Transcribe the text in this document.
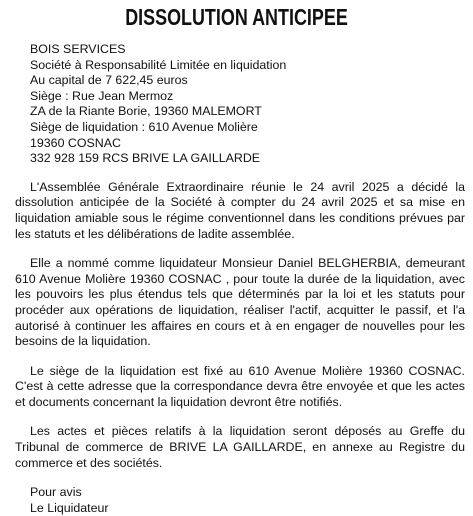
DISSOLUTION ANTICIPEE
BOIS SERVICES
Société à Responsabilité Limitée en liquidation
Au capital de 7 622,45 euros
Siège : Rue Jean Mermoz
ZA de la Riante Borie, 19360 MALEMORT
Siège de liquidation : 610 Avenue Molière
19360 COSNAC
332 928 159 RCS BRIVE LA GAILLARDE

L'Assemblée Générale Extraordinaire réunie le 24 avril 2025 a décidé la dissolution anticipée de la Société à compter du 24 avril 2025 et sa mise en liquidation amiable sous le régime conventionnel dans les conditions prévues par les statuts et les délibérations de ladite assemblée.

Elle a nommé comme liquidateur Monsieur Daniel BELGHERBIA, demeurant 610 Avenue Molière 19360 COSNAC , pour toute la durée de la liquidation, avec les pouvoirs les plus étendus tels que déterminés par la loi et les statuts pour procéder aux opérations de liquidation, réaliser l'actif, acquitter le passif, et l'a autorisé à continuer les affaires en cours et à en engager de nouvelles pour les besoins de la liquidation.

Le siège de la liquidation est fixé au 610 Avenue Molière 19360 COSNAC. C'est à cette adresse que la correspondance devra être envoyée et que les actes et documents concernant la liquidation devront être notifiés.

Les actes et pièces relatifs à la liquidation seront déposés au Greffe du Tribunal de commerce de BRIVE LA GAILLARDE, en annexe au Registre du commerce et des sociétés.

Pour avis
Le Liquidateur
